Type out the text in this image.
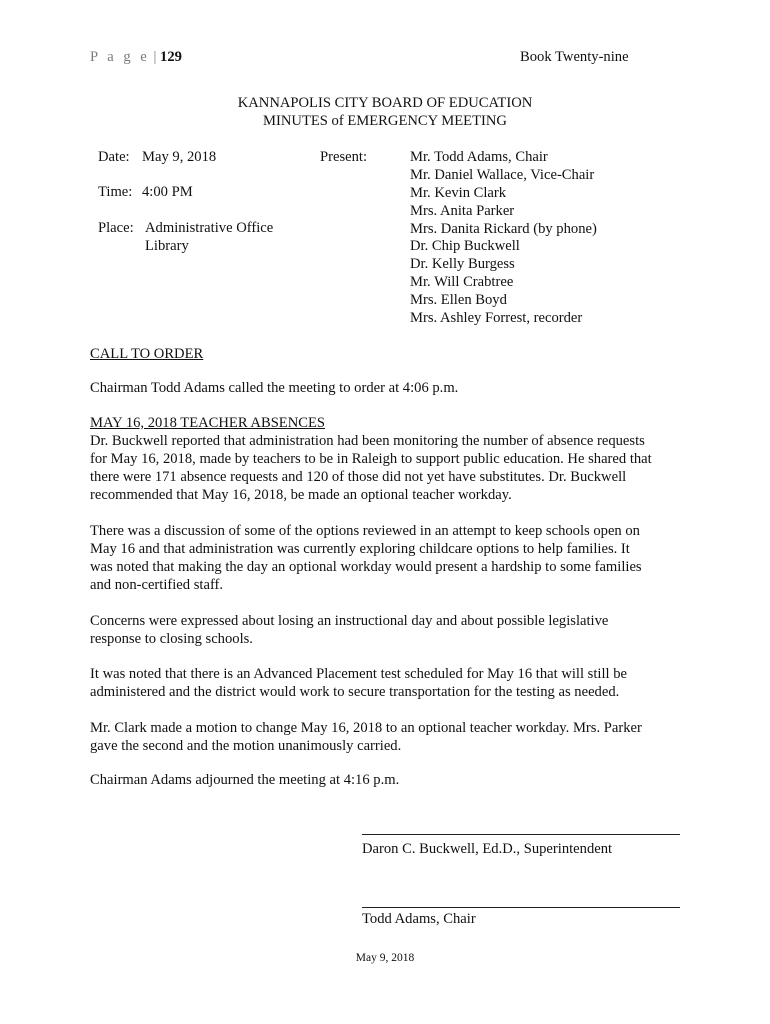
P a g e | 129	Book Twenty-nine
KANNAPOLIS CITY BOARD OF EDUCATION
MINUTES of EMERGENCY MEETING
Date: May 9, 2018
Time: 4:00 PM
Place: Administrative Office
Library
Present:	Mr. Todd Adams, Chair
Mr. Daniel Wallace, Vice-Chair
Mr. Kevin Clark
Mrs. Anita Parker
Mrs. Danita Rickard (by phone)
Dr. Chip Buckwell
Dr. Kelly Burgess
Mr. Will Crabtree
Mrs. Ellen Boyd
Mrs. Ashley Forrest, recorder
CALL TO ORDER
Chairman Todd Adams called the meeting to order at 4:06 p.m.
MAY 16, 2018 TEACHER ABSENCES
Dr. Buckwell reported that administration had been monitoring the number of absence requests
for May 16, 2018, made by teachers to be in Raleigh to support public education. He shared that
there were 171 absence requests and 120 of those did not yet have substitutes. Dr. Buckwell
recommended that May 16, 2018, be made an optional teacher workday.
There was a discussion of some of the options reviewed in an attempt to keep schools open on
May 16 and that administration was currently exploring childcare options to help families. It
was noted that making the day an optional workday would present a hardship to some families
and non-certified staff.
Concerns were expressed about losing an instructional day and about possible legislative
response to closing schools.
It was noted that there is an Advanced Placement test scheduled for May 16 that will still be
administered and the district would work to secure transportation for the testing as needed.
Mr. Clark made a motion to change May 16, 2018 to an optional teacher workday. Mrs. Parker
gave the second and the motion unanimously carried.
Chairman Adams adjourned the meeting at 4:16 p.m.
Daron C. Buckwell, Ed.D., Superintendent
Todd Adams, Chair
May 9, 2018
